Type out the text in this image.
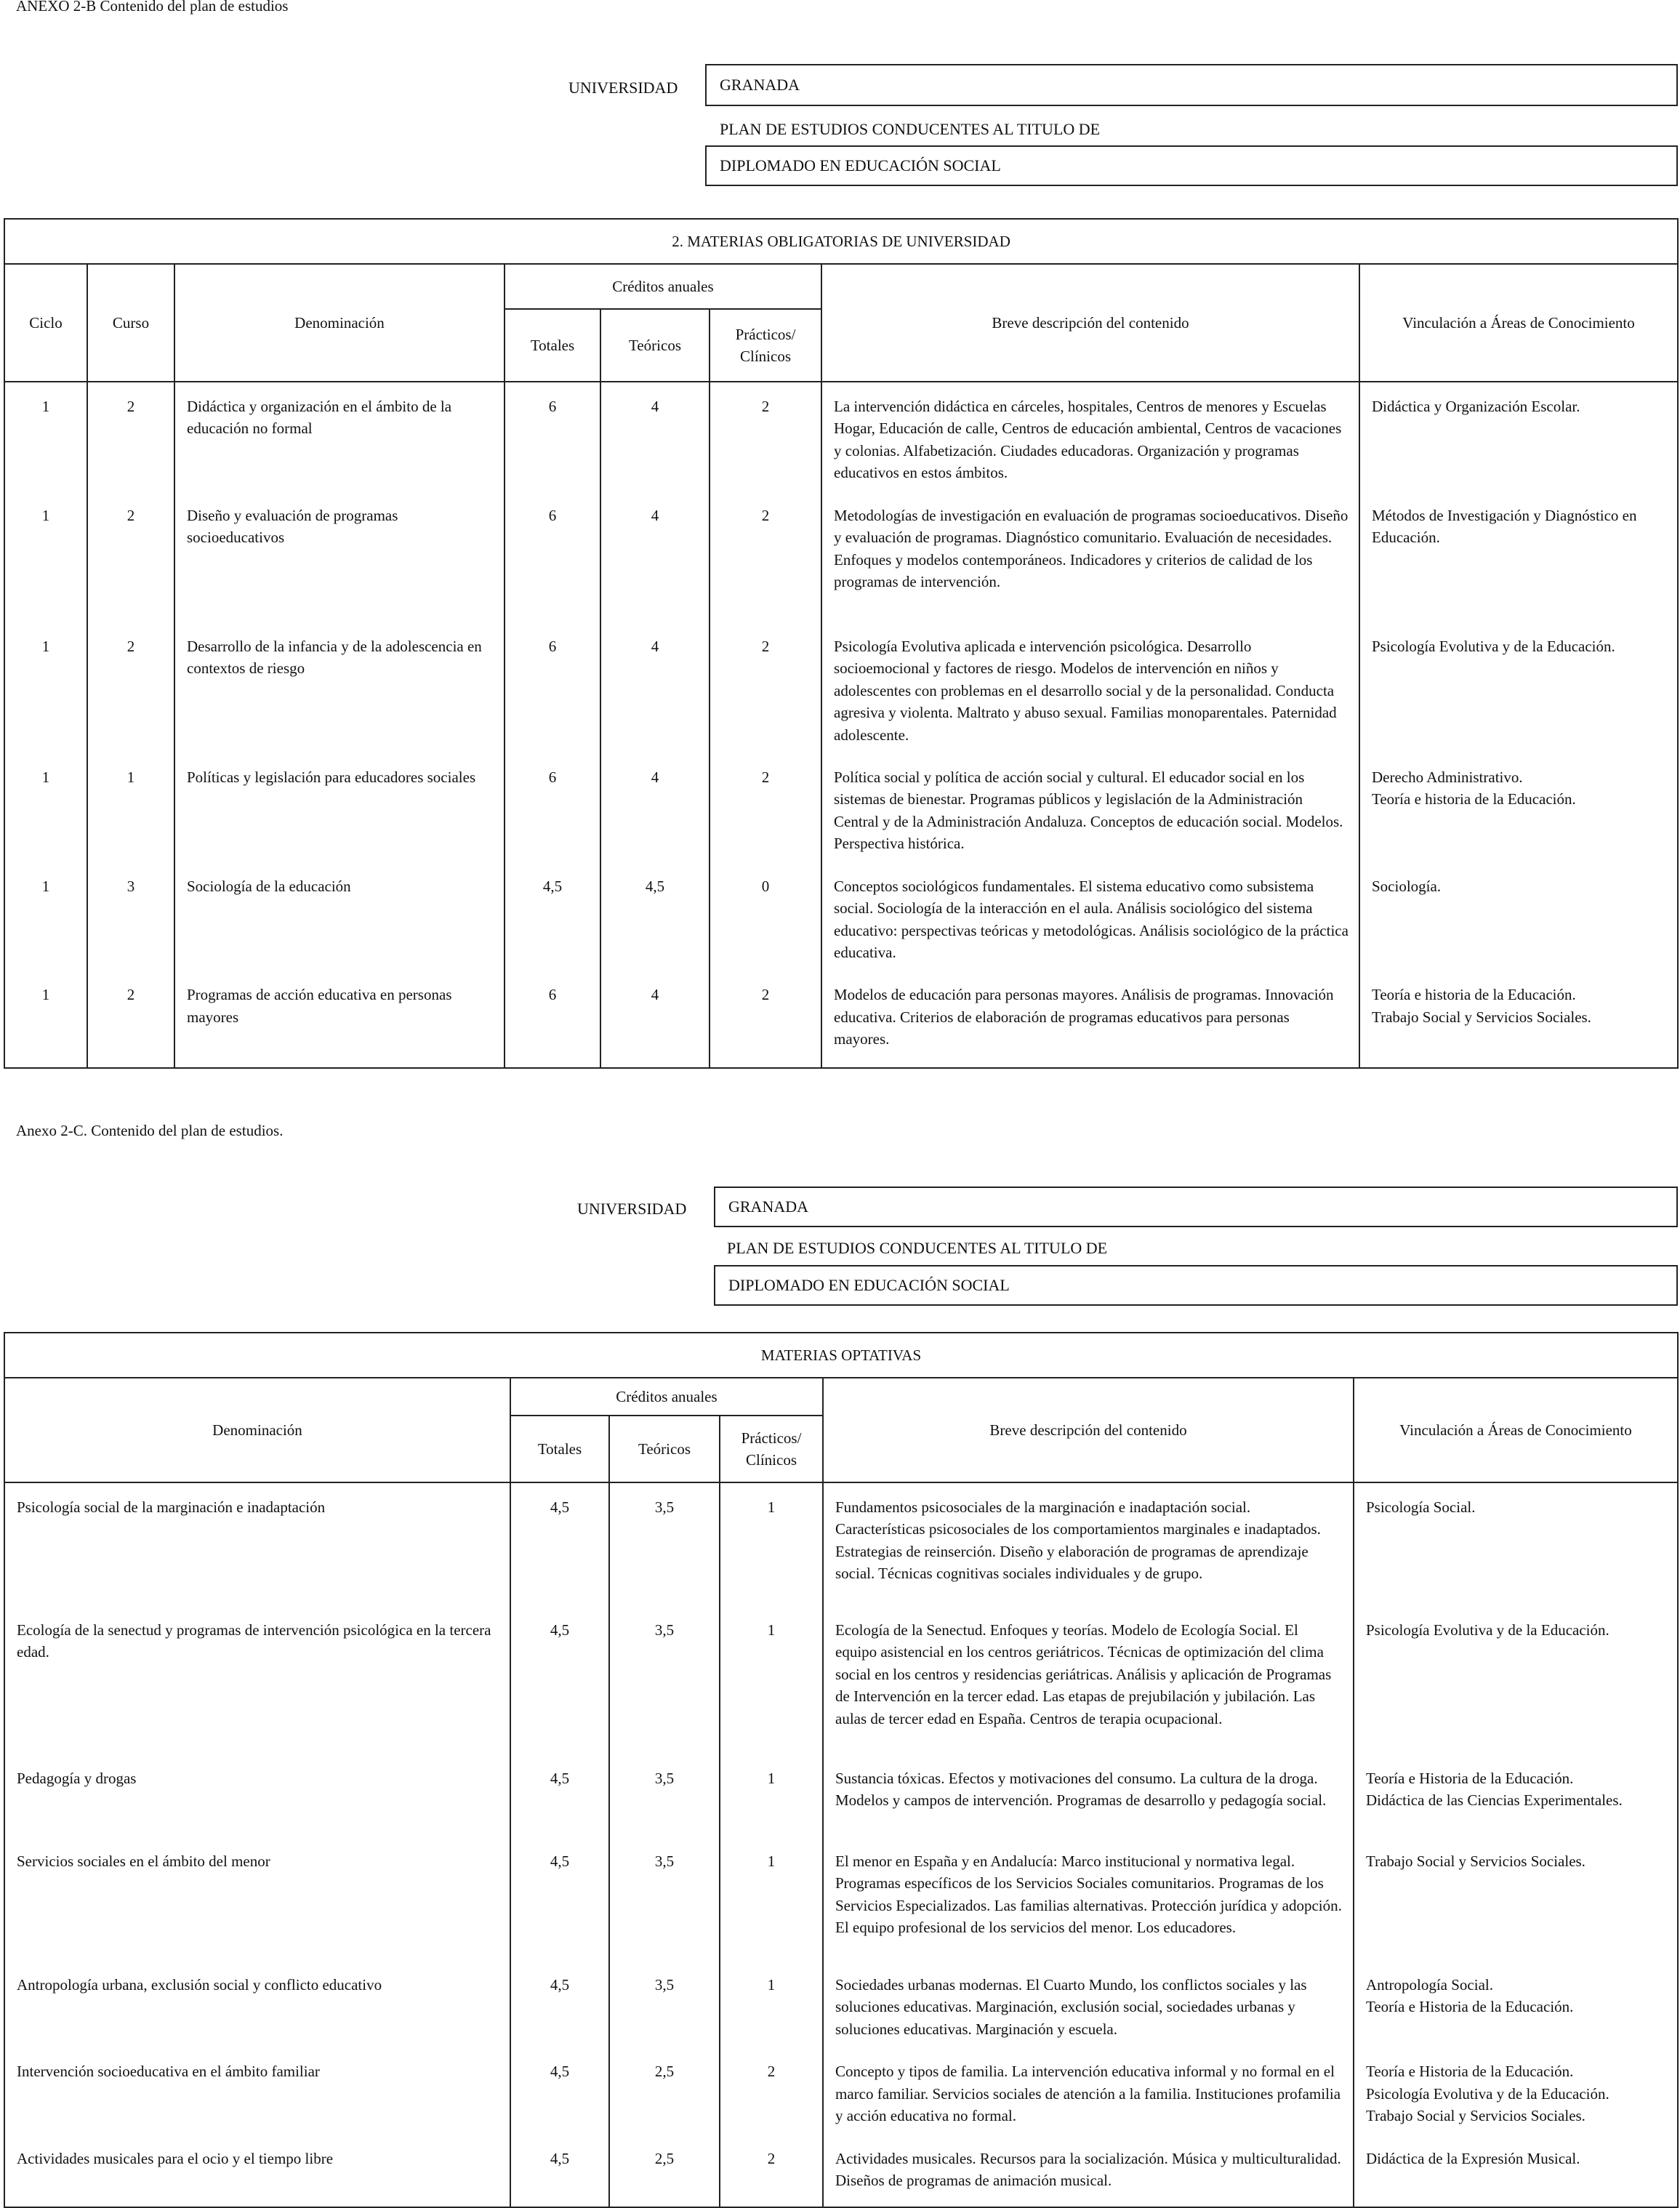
ANEXO 2-B Contenido del plan de estudios
UNIVERSIDAD	GRANADA
PLAN DE ESTUDIOS CONDUCENTES AL TITULO DE
DIPLOMADO EN EDUCACIÓN SOCIAL
2. MATERIAS OBLIGATORIAS DE UNIVERSIDAD							
Ciclo	Curso	Denominación	Créditos anuales			Breve descripción del contenido	Vinculación a Áreas de Conocimiento
			Totales	Teóricos	Prácticos/ Clínicos		
1	2	Didáctica y organización en el ámbito de la educación no formal	6	4	2	La intervención didáctica en cárceles, hospitales, Centros de menores y Escuelas Hogar, Educación de calle, Centros de educación ambiental, Centros de vacaciones y colonias. Alfabetización. Ciudades educadoras. Organización y programas educativos en estos ámbitos.	Didáctica y Organización Escolar.
1	2	Diseño y evaluación de programas socioeducativos	6	4	2	Metodologías de investigación en evaluación de programas socioeducativos. Diseño y evaluación de programas. Diagnóstico comunitario. Evaluación de necesidades. Enfoques y modelos contemporáneos. Indicadores y criterios de calidad de los programas de intervención.	Métodos de Investigación y Diagnóstico en Educación.
1	2	Desarrollo de la infancia y de la adolescencia en contextos de riesgo	6	4	2	Psicología Evolutiva aplicada e intervención psicológica. Desarrollo socioemocional y factores de riesgo. Modelos de intervención en niños y adolescentes con problemas en el desarrollo social y de la personalidad. Conducta agresiva y violenta. Maltrato y abuso sexual. Familias monoparentales. Paternidad adolescente.	Psicología Evolutiva y de la Educación.
1	1	Políticas y legislación para educadores sociales	6	4	2	Política social y política de acción social y cultural. El educador social en los sistemas de bienestar. Programas públicos y legislación de la Administración Central y de la Administración Andaluza. Conceptos de educación social. Modelos. Perspectiva histórica.	Derecho Administrativo.
Teoría e historia de la Educación.
1	3	Sociología de la educación	4,5	4,5	0	Conceptos sociológicos fundamentales. El sistema educativo como subsistema social. Sociología de la interacción en el aula. Análisis sociológico del sistema educativo: perspectivas teóricas y metodológicas. Análisis sociológico de la práctica educativa.	Sociología.
1	2	Programas de acción educativa en personas mayores	6	4	2	Modelos de educación para personas mayores. Análisis de programas. Innovación educativa. Criterios de elaboración de programas educativos para personas mayores.	Teoría e historia de la Educación.
Trabajo Social y Servicios Sociales.
Anexo 2-C. Contenido del plan de estudios.
UNIVERSIDAD	GRANADA
PLAN DE ESTUDIOS CONDUCENTES AL TITULO DE
DIPLOMADO EN EDUCACIÓN SOCIAL
MATERIAS OPTATIVAS					
Denominación	Créditos anuales			Breve descripción del contenido	Vinculación a Áreas de Conocimiento
	Totales	Teóricos	Prácticos/ Clínicos		
Psicología social de la marginación e inadaptación	4,5	3,5	1	Fundamentos psicosociales de la marginación e inadaptación social. Características psicosociales de los comportamientos marginales e inadaptados. Estrategias de reinserción. Diseño y elaboración de programas de aprendizaje social. Técnicas cognitivas sociales individuales y de grupo.	Psicología Social.
Ecología de la senectud y programas de intervención psicológica en la tercera edad.	4,5	3,5	1	Ecología de la Senectud. Enfoques y teorías. Modelo de Ecología Social. El equipo asistencial en los centros geriátricos. Técnicas de optimización del clima social en los centros y residencias geriátricas. Análisis y aplicación de Programas de Intervención en la tercer edad. Las etapas de prejubilación y jubilación. Las aulas de tercer edad en España. Centros de terapia ocupacional.	Psicología Evolutiva y de la Educación.
Pedagogía y drogas	4,5	3,5	1	Sustancia tóxicas. Efectos y motivaciones del consumo. La cultura de la droga. Modelos y campos de intervención. Programas de desarrollo y pedagogía social.	Teoría e Historia de la Educación.
Didáctica de las Ciencias Experimentales.
Servicios sociales en el ámbito del menor	4,5	3,5	1	El menor en España y en Andalucía: Marco institucional y normativa legal. Programas específicos de los Servicios Sociales comunitarios. Programas de los Servicios Especializados. Las familias alternativas. Protección jurídica y adopción. El equipo profesional de los servicios del menor. Los educadores.	Trabajo Social y Servicios Sociales.
Antropología urbana, exclusión social y conflicto educativo	4,5	3,5	1	Sociedades urbanas modernas. El Cuarto Mundo, los conflictos sociales y las soluciones educativas. Marginación, exclusión social, sociedades urbanas y soluciones educativas. Marginación y escuela.	Antropología Social.
Teoría e Historia de la Educación.
Intervención socioeducativa en el ámbito familiar	4,5	2,5	2	Concepto y tipos de familia. La intervención educativa informal y no formal en el marco familiar. Servicios sociales de atención a la familia. Instituciones profamilia y acción educativa no formal.	Teoría e Historia de la Educación.
Psicología Evolutiva y de la Educación.
Trabajo Social y Servicios Sociales.
Actividades musicales para el ocio y el tiempo libre	4,5	2,5	2	Actividades musicales. Recursos para la socialización. Música y multiculturalidad. Diseños de programas de animación musical.	Didáctica de la Expresión Musical.
